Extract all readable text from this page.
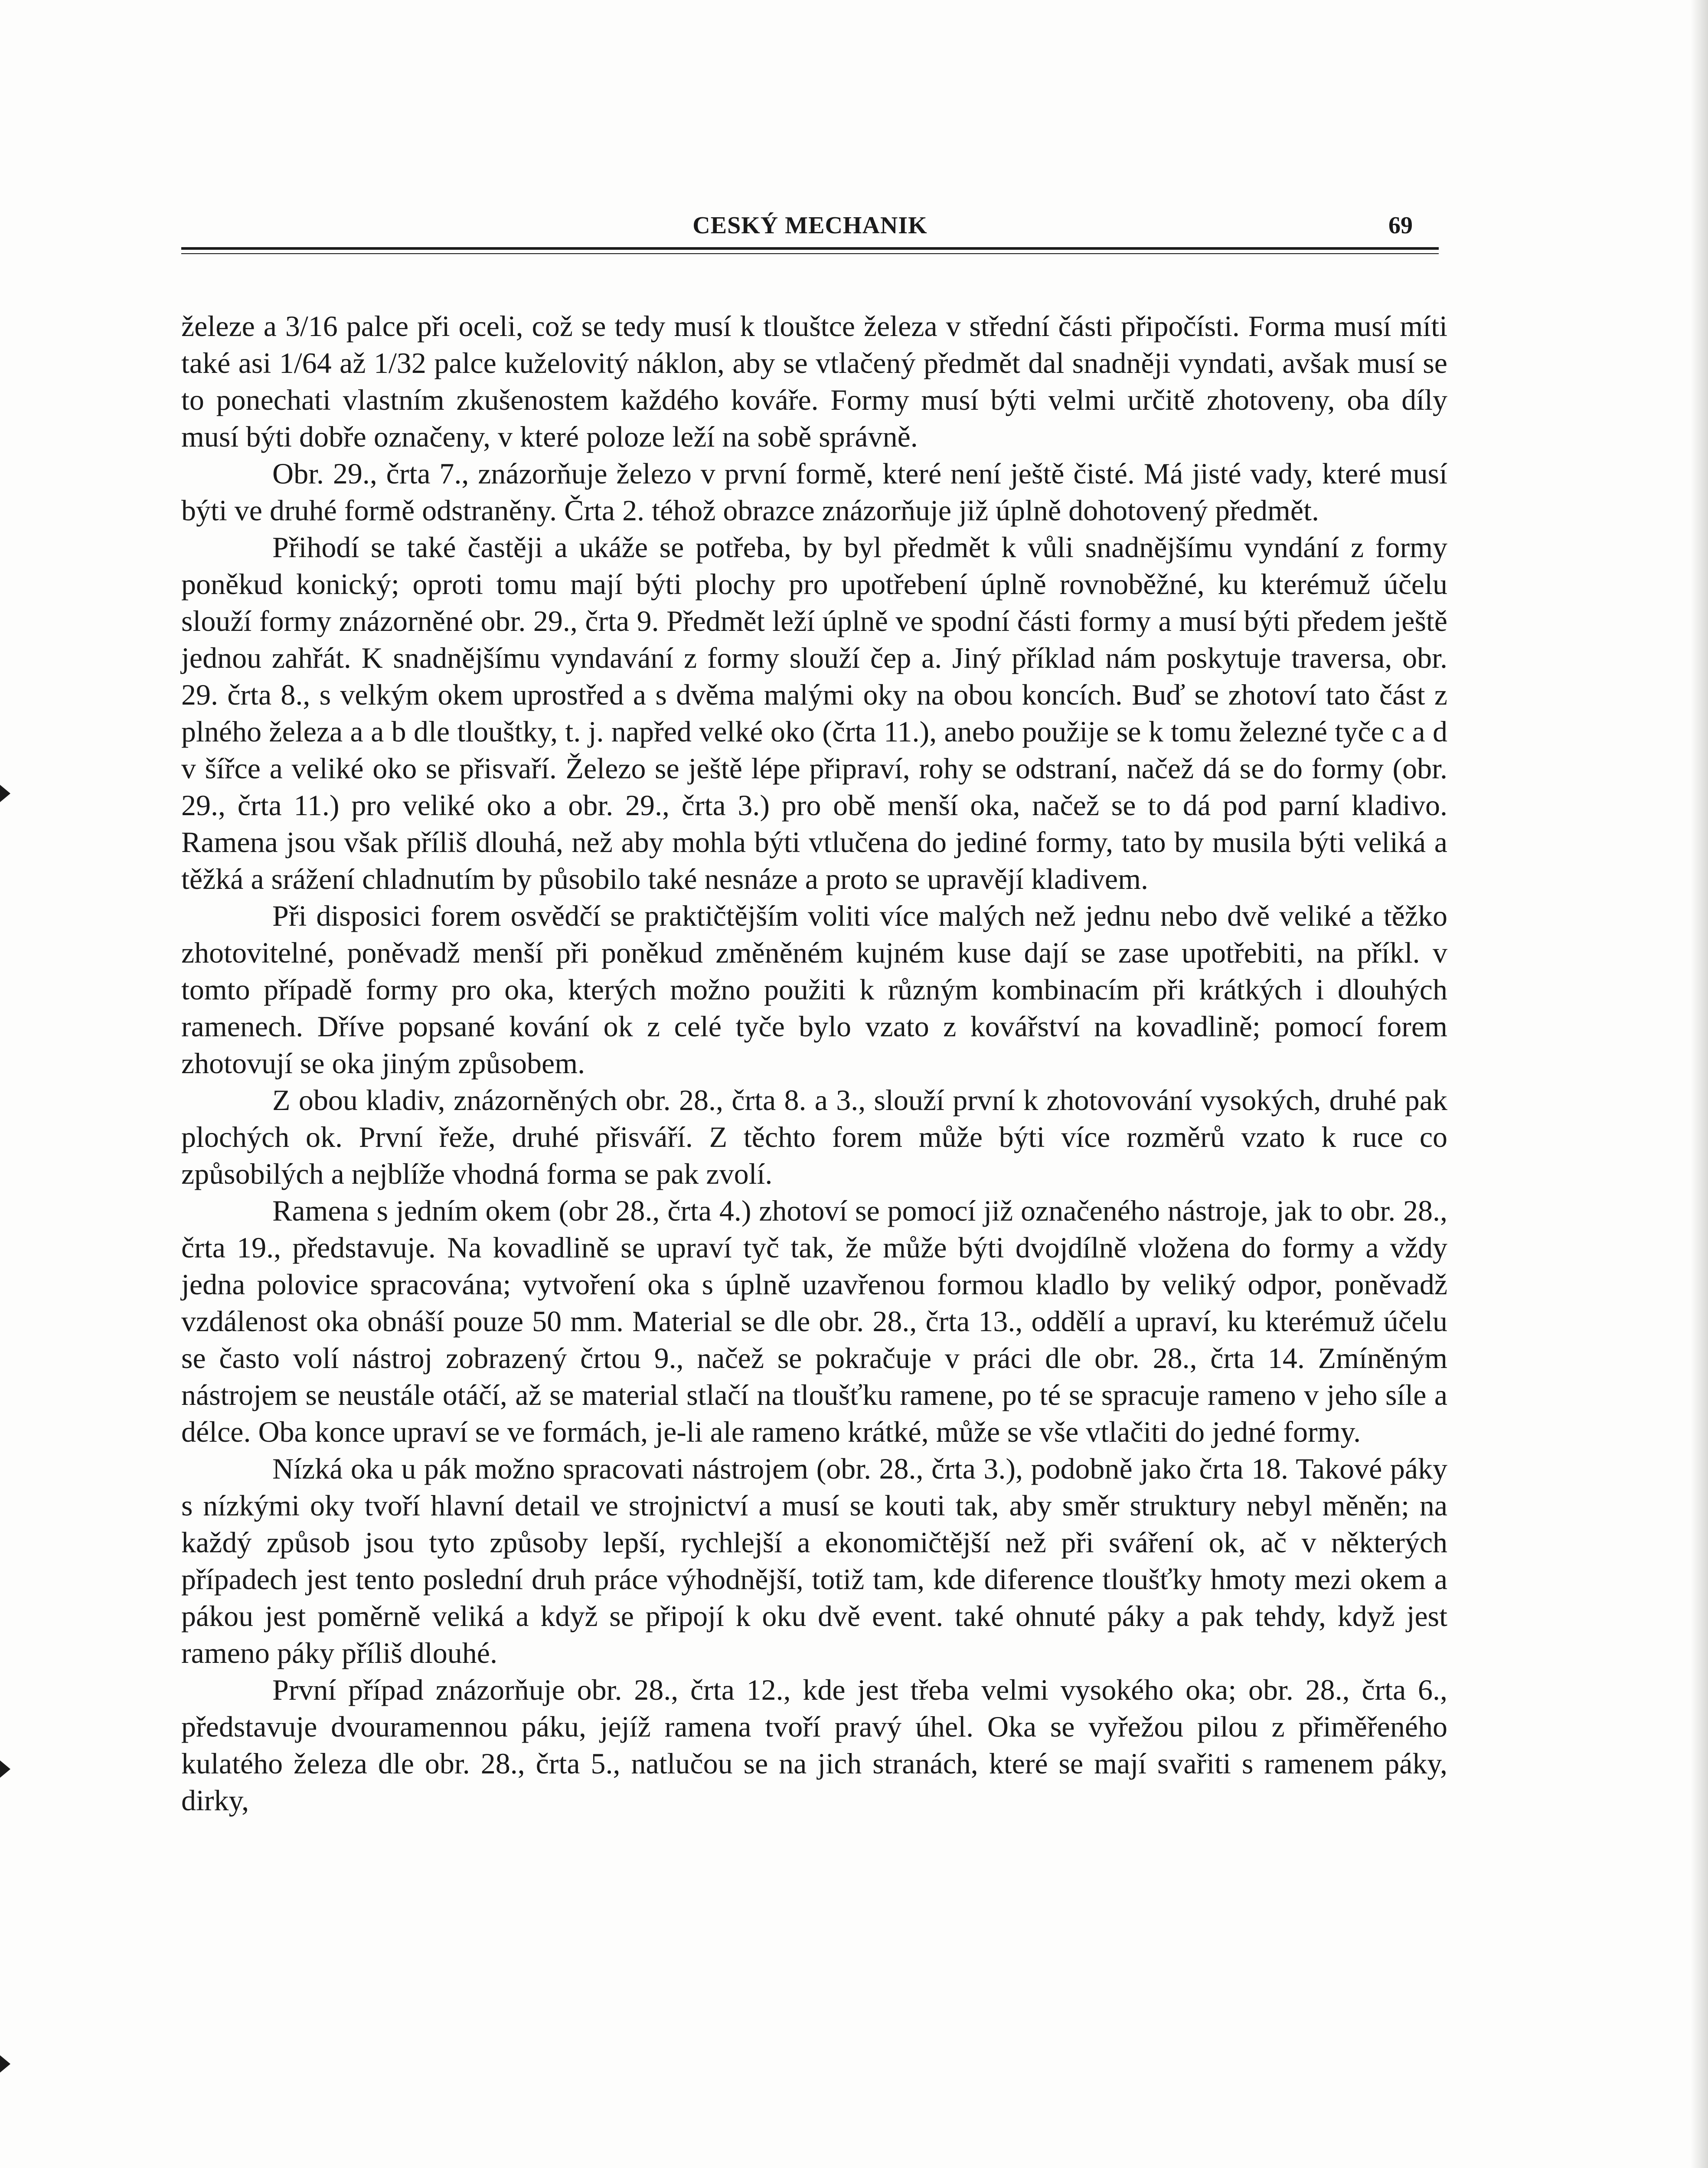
CESKÝ MECHANIK	69

železe a 3/16 palce při oceli, což se tedy musí k tlouštce železa v střední části připočísti. Forma musí míti také asi 1/64 až 1/32 palce kuželovitý náklon, aby se vtlačený předmět dal snadněji vyndati, avšak musí se to ponechati vlastním zkušenostem každého kováře. Formy musí býti velmi určitě zhotoveny, oba díly musí býti dobře označeny, v které poloze leží na sobě správně.

Obr. 29., črta 7., znázorňuje železo v první formě, které není ještě čisté. Má jisté vady, které musí býti ve druhé formě odstraněny. Črta 2. téhož obrazce znázorňuje již úplně dohotovený předmět.

Přihodí se také častěji a ukáže se potřeba, by byl předmět k vůli snadnějšímu vyndání z formy poněkud konický; oproti tomu mají býti plochy pro upotřebení úplně rovnoběžné, ku kterémuž účelu slouží formy znázorněné obr. 29., črta 9. Předmět leží úplně ve spodní části formy a musí býti předem ještě jednou zahřát. K snadnějšímu vyndavání z formy slouží čep a. Jiný příklad nám poskytuje traversa, obr. 29. črta 8., s velkým okem uprostřed a s dvěma malými oky na obou koncích. Buď se zhotoví tato část z plného železa a a b dle tlouštky, t. j. napřed velké oko (črta 11.), anebo použije se k tomu železné tyče c a d v šířce a veliké oko se přisvaří. Železo se ještě lépe připraví, rohy se odstraní, načež dá se do formy (obr. 29., črta 11.) pro veliké oko a obr. 29., črta 3.) pro obě menší oka, načež se to dá pod parní kladivo. Ramena jsou však příliš dlouhá, než aby mohla býti vtlučena do jediné formy, tato by musila býti veliká a těžká a srážení chladnutím by působilo také nesnáze a proto se upravějí kladivem.

Při disposici forem osvědčí se praktičtějším voliti více malých než jednu nebo dvě veliké a těžko zhotovitelné, poněvadž menší při poněkud změněném kujném kuse dají se zase upotřebiti, na příkl. v tomto případě formy pro oka, kterých možno použiti k různým kombinacím při krátkých i dlouhých ramenech. Dříve popsané kování ok z celé tyče bylo vzato z kovářství na kovadlině; pomocí forem zhotovují se oka jiným způsobem.

Z obou kladiv, znázorněných obr. 28., črta 8. a 3., slouží první k zhotovování vysokých, druhé pak plochých ok. První řeže, druhé přisváří. Z těchto forem může býti více rozměrů vzato k ruce co způsobilých a nejblíže vhodná forma se pak zvolí.

Ramena s jedním okem (obr 28., črta 4.) zhotoví se pomocí již označeného nástroje, jak to obr. 28., črta 19., představuje. Na kovadlině se upraví tyč tak, že může býti dvojdílně vložena do formy a vždy jedna polovice spracována; vytvoření oka s úplně uzavřenou formou kladlo by veliký odpor, poněvadž vzdálenost oka obnáší pouze 50 mm. Material se dle obr. 28., črta 13., oddělí a upraví, ku kterémuž účelu se často volí nástroj zobrazený črtou 9., načež se pokračuje v práci dle obr. 28., črta 14. Zmíněným nástrojem se neustále otáčí, až se material stlačí na tloušťku ramene, po té se spracuje rameno v jeho síle a délce. Oba konce upraví se ve formách, je-li ale rameno krátké, může se vše vtlačiti do jedné formy.

Nízká oka u pák možno spracovati nástrojem (obr. 28., črta 3.), podobně jako črta 18. Takové páky s nízkými oky tvoří hlavní detail ve strojnictví a musí se kouti tak, aby směr struktury nebyl měněn; na každý způsob jsou tyto způsoby lepší, rychlejší a ekonomičtější než při sváření ok, ač v některých případech jest tento poslední druh práce výhodnější, totiž tam, kde diference tloušťky hmoty mezi okem a pákou jest poměrně veliká a když se připojí k oku dvě event. také ohnuté páky a pak tehdy, když jest rameno páky příliš dlouhé.

První případ znázorňuje obr. 28., črta 12., kde jest třeba velmi vysokého oka; obr. 28., črta 6., představuje dvouramennou páku, jejíž ramena tvoří pravý úhel. Oka se vyřežou pilou z přiměřeného kulatého železa dle obr. 28., črta 5., natlučou se na jich stranách, které se mají svařiti s ramenem páky, dirky,
